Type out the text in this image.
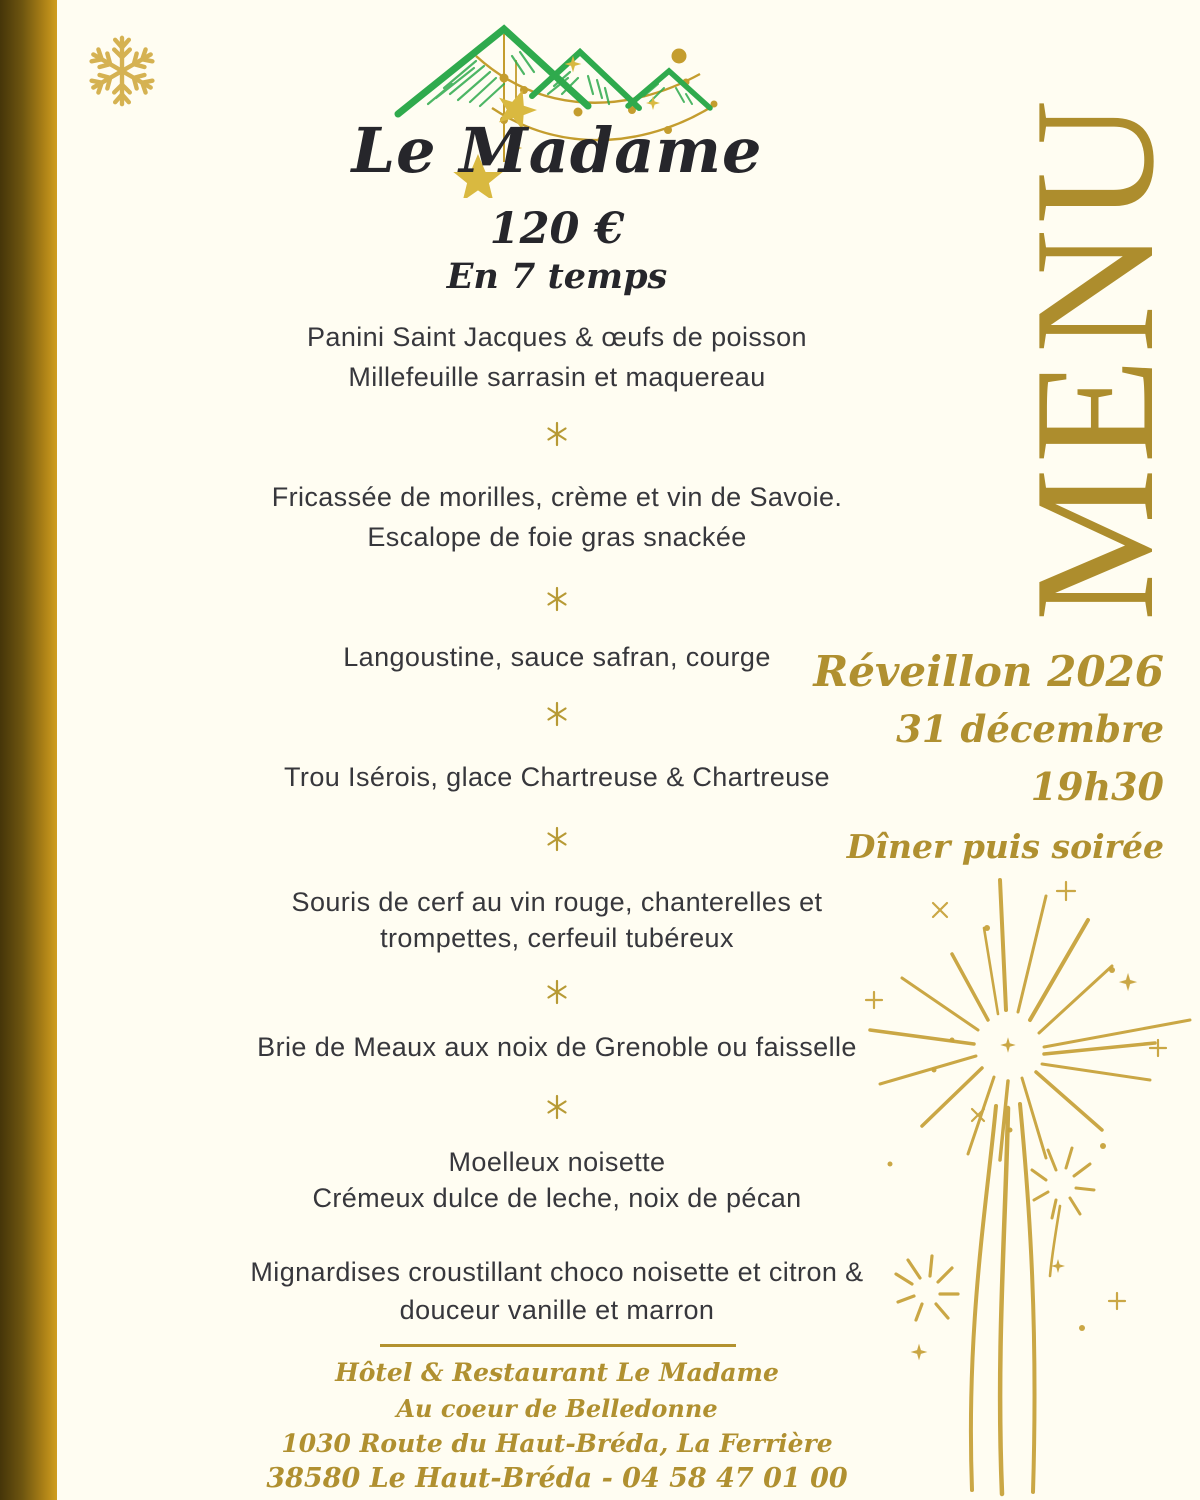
Le Madame
120 €
En 7 temps
Panini Saint Jacques & œufs de poisson
Millefeuille sarrasin et maquereau
Fricassée de morilles, crème et vin de Savoie.
Escalope de foie gras snackée
Langoustine, sauce safran, courge
Trou Isérois, glace Chartreuse & Chartreuse
Souris de cerf au vin rouge, chanterelles et
trompettes, cerfeuil tubéreux
Brie de Meaux aux noix de Grenoble ou faisselle
Moelleux noisette
Crémeux dulce de leche, noix de pécan
Mignardises croustillant choco noisette et citron &
douceur vanille et marron
MENU
Réveillon 2026
31 décembre
19h30
Dîner puis soirée
Hôtel & Restaurant Le Madame
Au coeur de Belledonne
1030 Route du Haut-Bréda, La Ferrière
38580 Le Haut-Bréda - 04 58 47 01 00
